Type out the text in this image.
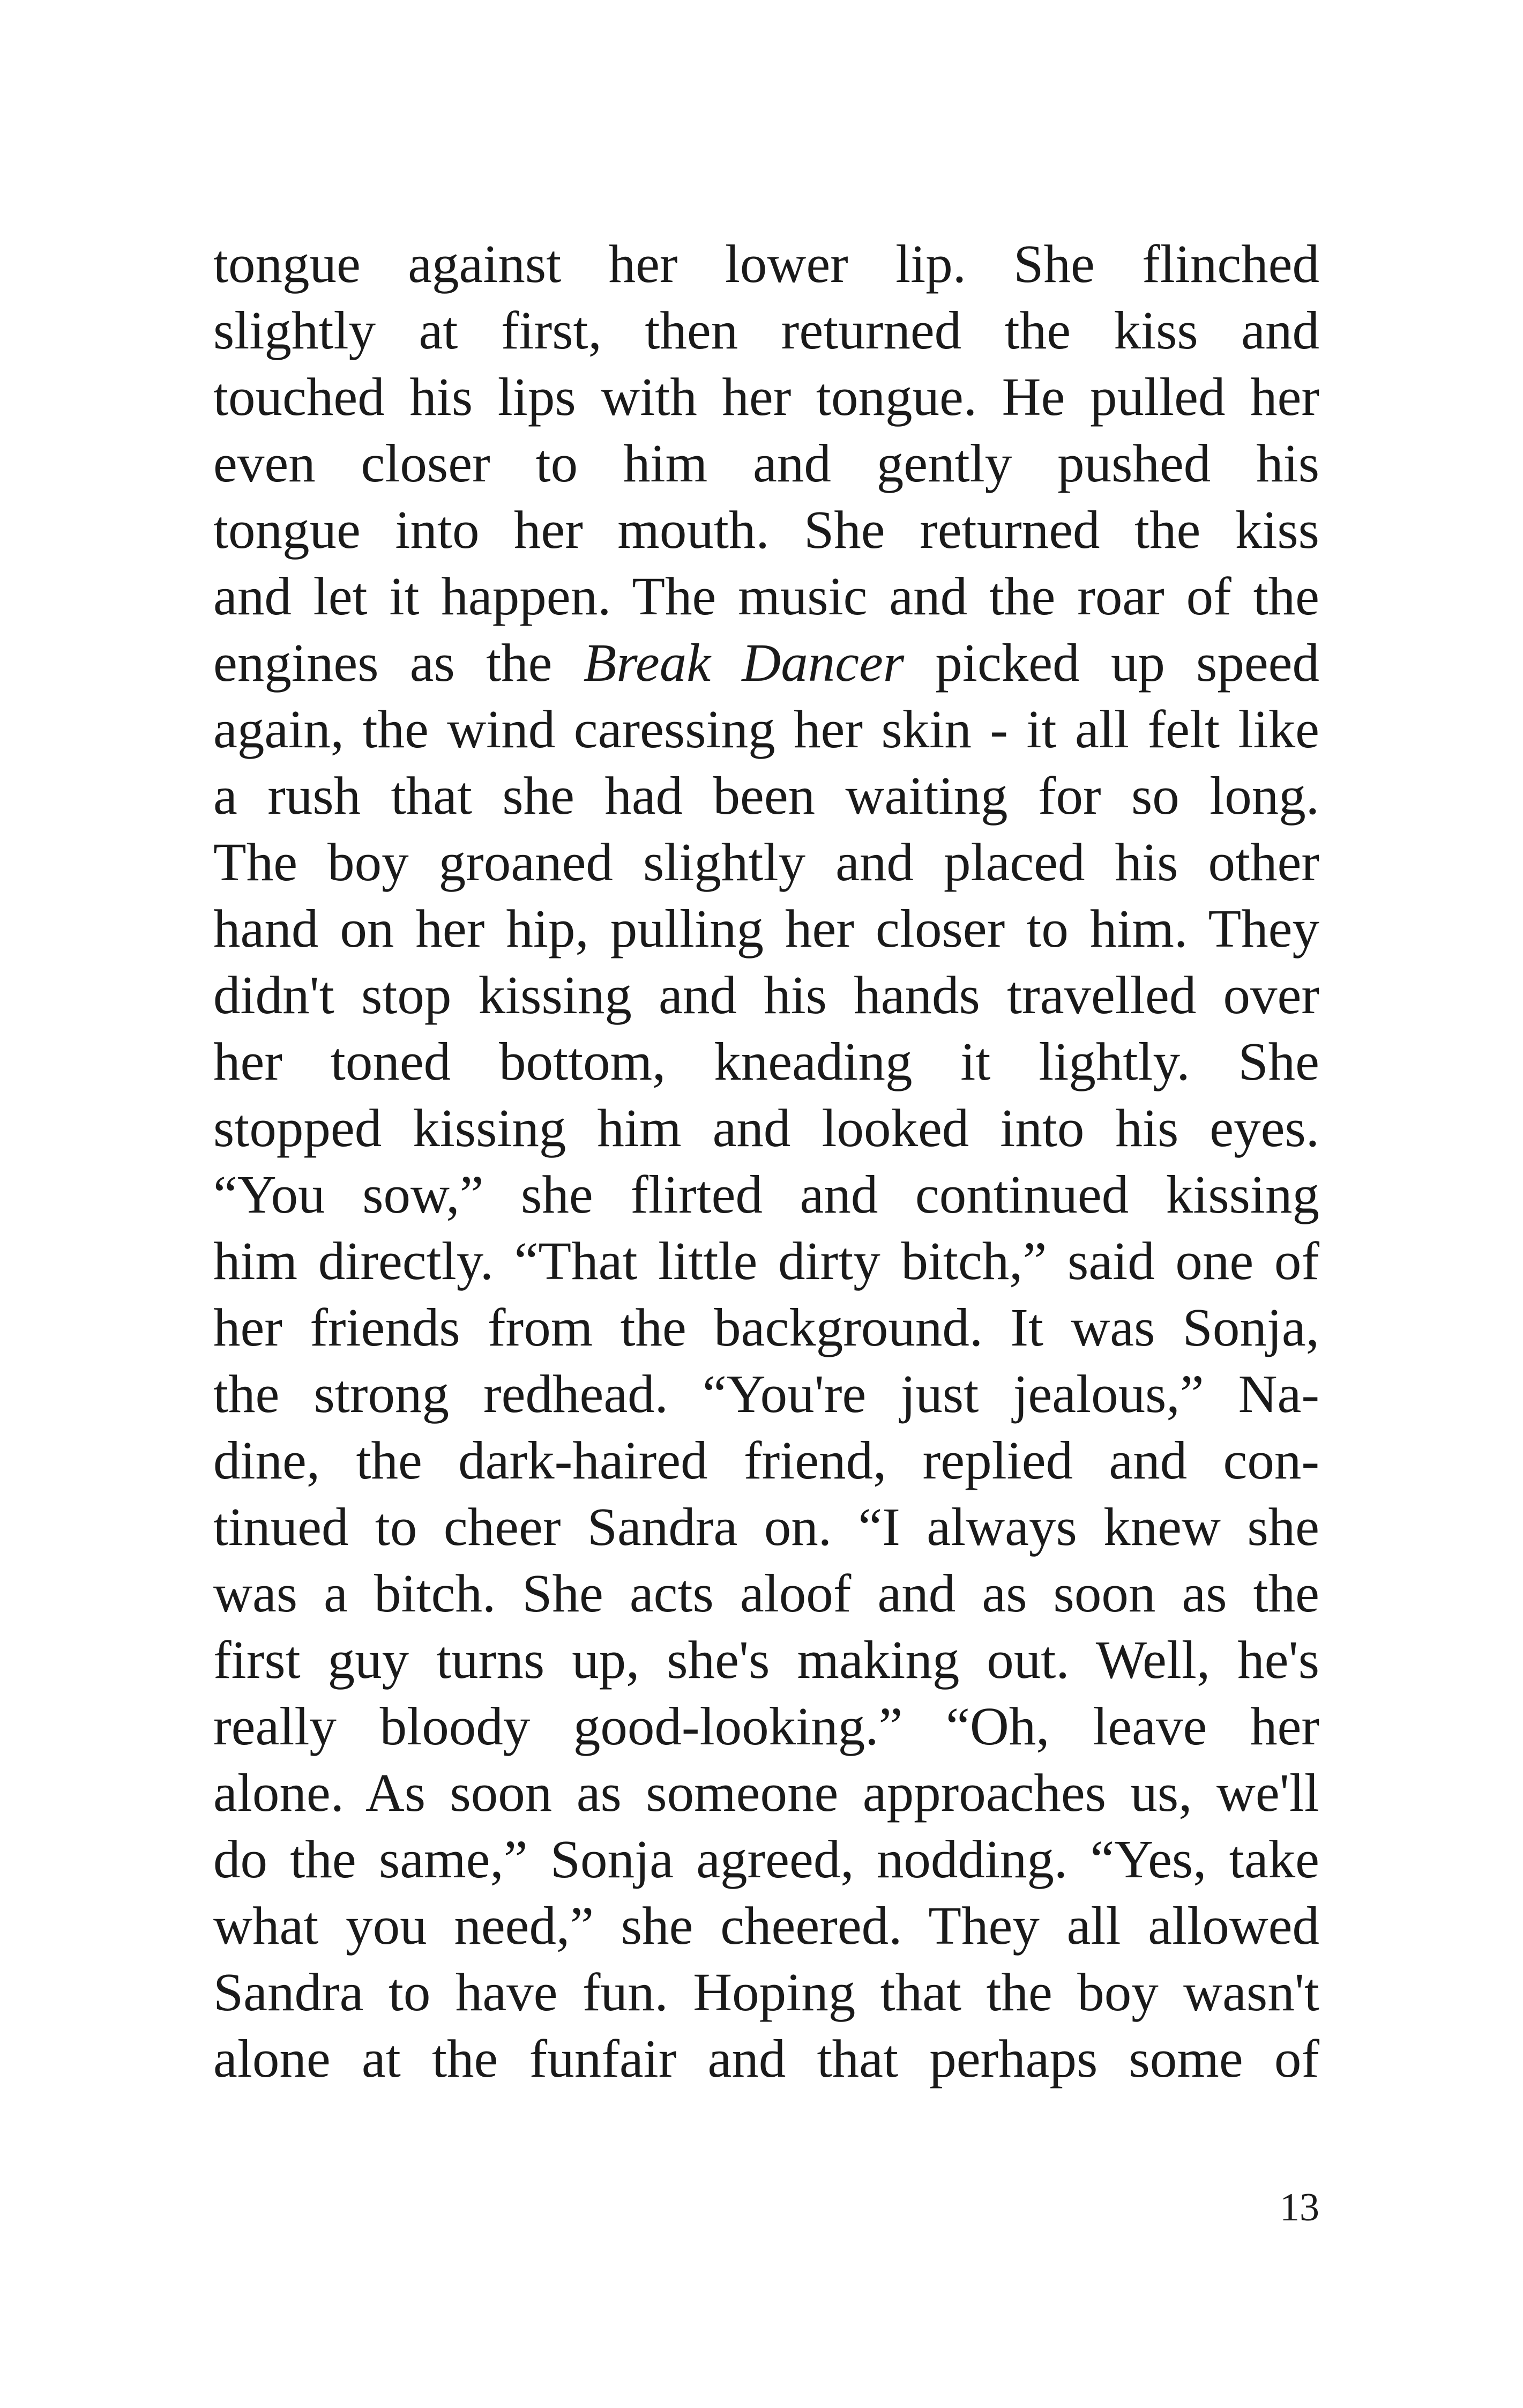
tongue against her lower lip. She flinched
slightly at first, then returned the kiss and
touched his lips with her tongue. He pulled her
even closer to him and gently pushed his
tongue into her mouth. She returned the kiss
and let it happen. The music and the roar of the
engines as the Break Dancer picked up speed
again, the wind caressing her skin - it all felt like
a rush that she had been waiting for so long.
The boy groaned slightly and placed his other
hand on her hip, pulling her closer to him. They
didn't stop kissing and his hands travelled over
her toned bottom, kneading it lightly. She
stopped kissing him and looked into his eyes.
“You sow,” she flirted and continued kissing
him directly. “That little dirty bitch,” said one of
her friends from the background. It was Sonja,
the strong redhead. “You're just jealous,” Na-
dine, the dark-haired friend, replied and con-
tinued to cheer Sandra on. “I always knew she
was a bitch. She acts aloof and as soon as the
first guy turns up, she's making out. Well, he's
really bloody good-looking.” “Oh, leave her
alone. As soon as someone approaches us, we'll
do the same,” Sonja agreed, nodding. “Yes, take
what you need,” she cheered. They all allowed
Sandra to have fun. Hoping that the boy wasn't
alone at the funfair and that perhaps some of
13
